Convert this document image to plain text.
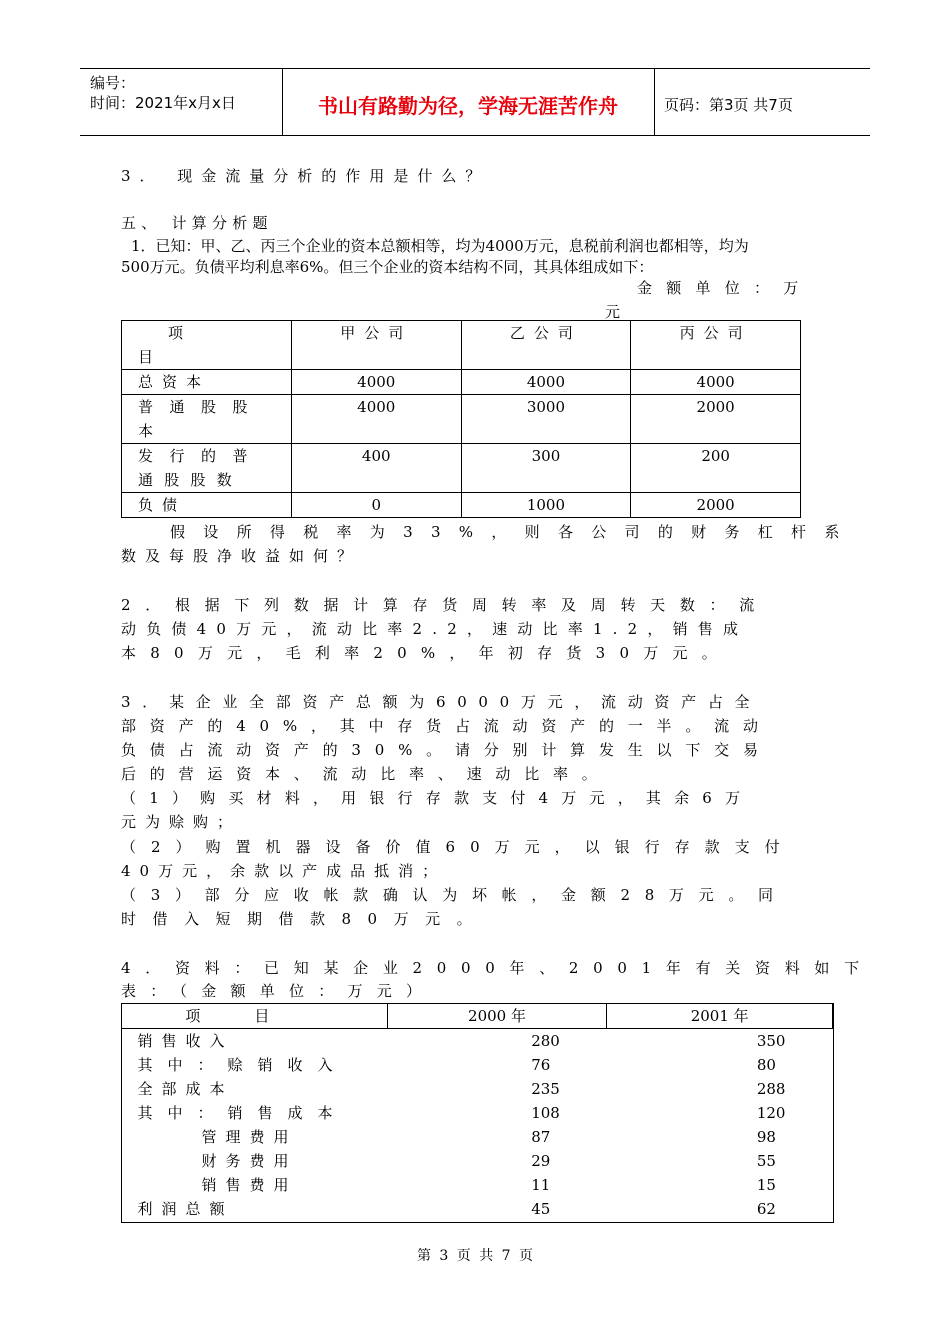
编号：
时间：2021年x月x日	书山有路勤为径，学海无涯苦作舟	页码：第3页 共7页
3． 现金流量分析的作用是什么？
五、 计算分析题
1．已知：甲、乙、丙三个企业的资本总额相等，均为4000万元，息税前利润也都相等，均为
500万元。负债平均利息率6%。但三个企业的资本结构不同，其具体组成如下：
金额单位：万
元
项
目	甲公司	乙公司	丙公司
总资本	4000	4000	4000

普通股股
本	4000	3000	2000

发行的普
通股股数	400	300	200
负债	0	1000	2000
假设所得税率为33%，则各公司的财务杠杆系
数及每股净收益如何？
2．根据下列数据计算存货周转率及周转天数：流
动负债40万元，流动比率2.2，速动比率1.2，销售成
本80万元，毛利率20%，年初存货30万元。
3．某企业全部资产总额为6000万元，流动资产占全
部资产的40%，其中存货占流动资产的一半。流动
负债占流动资产的30%。请分别计算发生以下交易
后的营运资本、流动比率、速动比率。
（1）购买材料，用银行存款支付4万元，其余6万
元为赊购；
（2）购置机器设备价值60万元，以银行存款支付
40万元，余款以产成品抵消；
（3）部分应收帐款确认为坏帐，金额28万元。同
时借入短期借款80万元。
4．资料：已知某企业2000年、2001年有关资料如下
表：（金额单位：万元）
项目	2000 年	2001 年
销售收入	280	350
其中：赊销收入	76	80
全部成本	235	288
其中：销售成本	108	120
管理费用	87	98
财务费用	29	55
销售费用	11	15
利润总额	45	62
第 3 页 共 7 页
